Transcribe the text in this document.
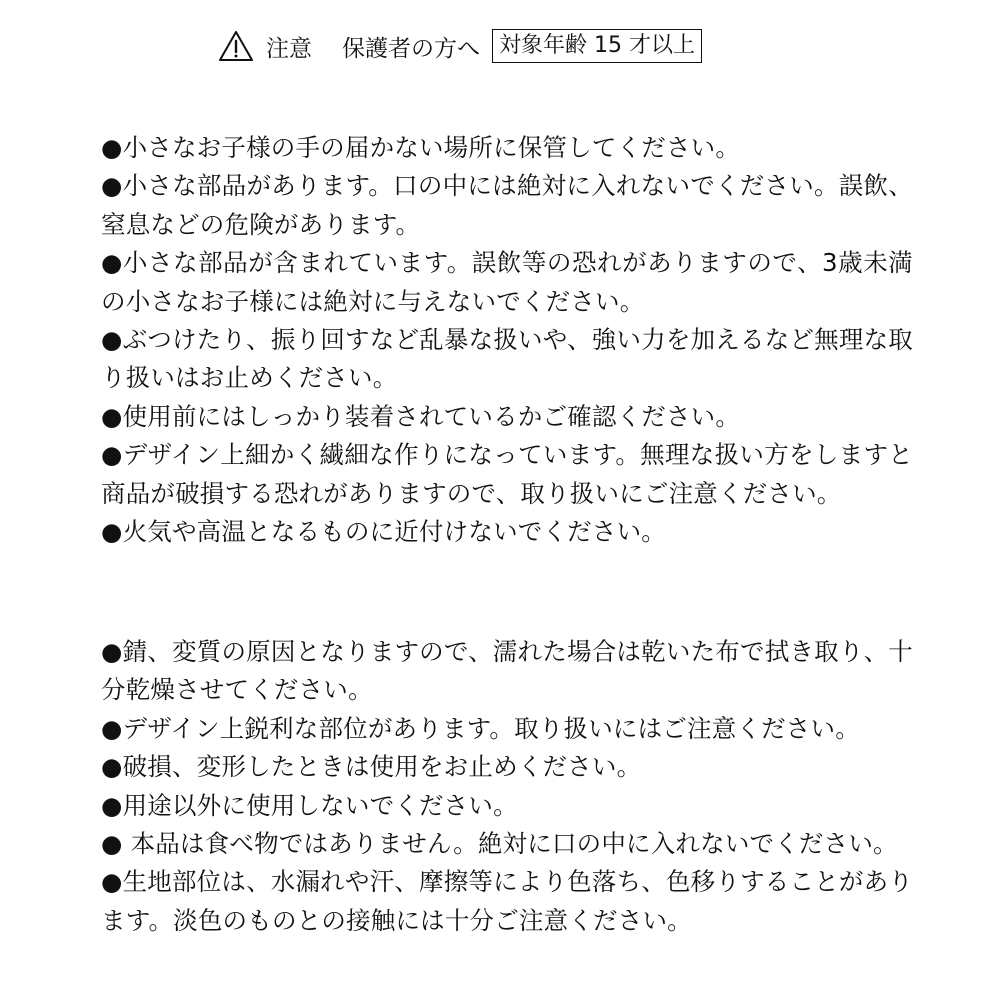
注意 保護者の方へ 対象年齢 15 才以上

●小さなお子様の手の届かない場所に保管してください。

●小さな部品があります。口の中には絶対に入れないでください。誤飲、窒息などの危険があります。

●小さな部品が含まれています。誤飲等の恐れがありますので、3歳未満の小さなお子様には絶対に与えないでください。

●ぶつけたり、振り回すなど乱暴な扱いや、強い力を加えるなど無理な取り扱いはお止めください。

●使用前にはしっかり装着されているかご確認ください。

●デザイン上細かく繊細な作りになっています。無理な扱い方をしますと商品が破損する恐れがありますので、取り扱いにご注意ください。

●火気や高温となるものに近付けないでください。

●錆、変質の原因となりますので、濡れた場合は乾いた布で拭き取り、十分乾燥させてください。

●デザイン上鋭利な部位があります。取り扱いにはご注意ください。

●破損、変形したときは使用をお止めください。

●用途以外に使用しないでください。

● 本品は食べ物ではありません。絶対に口の中に入れないでください。

●生地部位は、水漏れや汗、摩擦等により色落ち、色移りすることがあります。淡色のものとの接触には十分ご注意ください。
